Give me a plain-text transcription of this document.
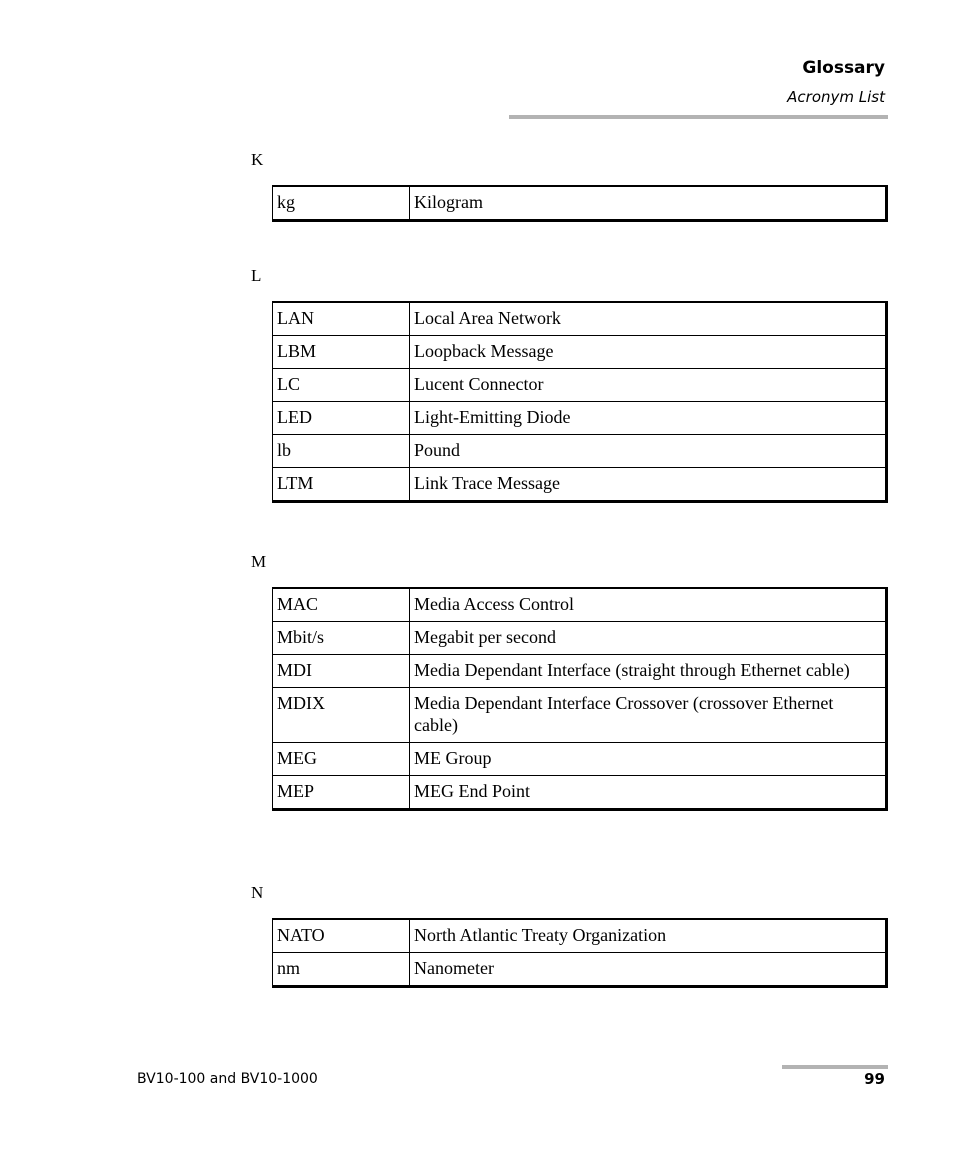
Glossary
Acronym List
K
kg	Kilogram
L
LAN	Local Area Network
LBM	Loopback Message
LC	Lucent Connector
LED	Light-Emitting Diode
lb	Pound
LTM	Link Trace Message
M
MAC	Media Access Control
Mbit/s	Megabit per second
MDI	Media Dependant Interface (straight through Ethernet cable)
MDIX	Media Dependant Interface Crossover (crossover Ethernet cable)
MEG	ME Group
MEP	MEG End Point
N
NATO	North Atlantic Treaty Organization
nm	Nanometer
BV10-100 and BV10-1000	99
